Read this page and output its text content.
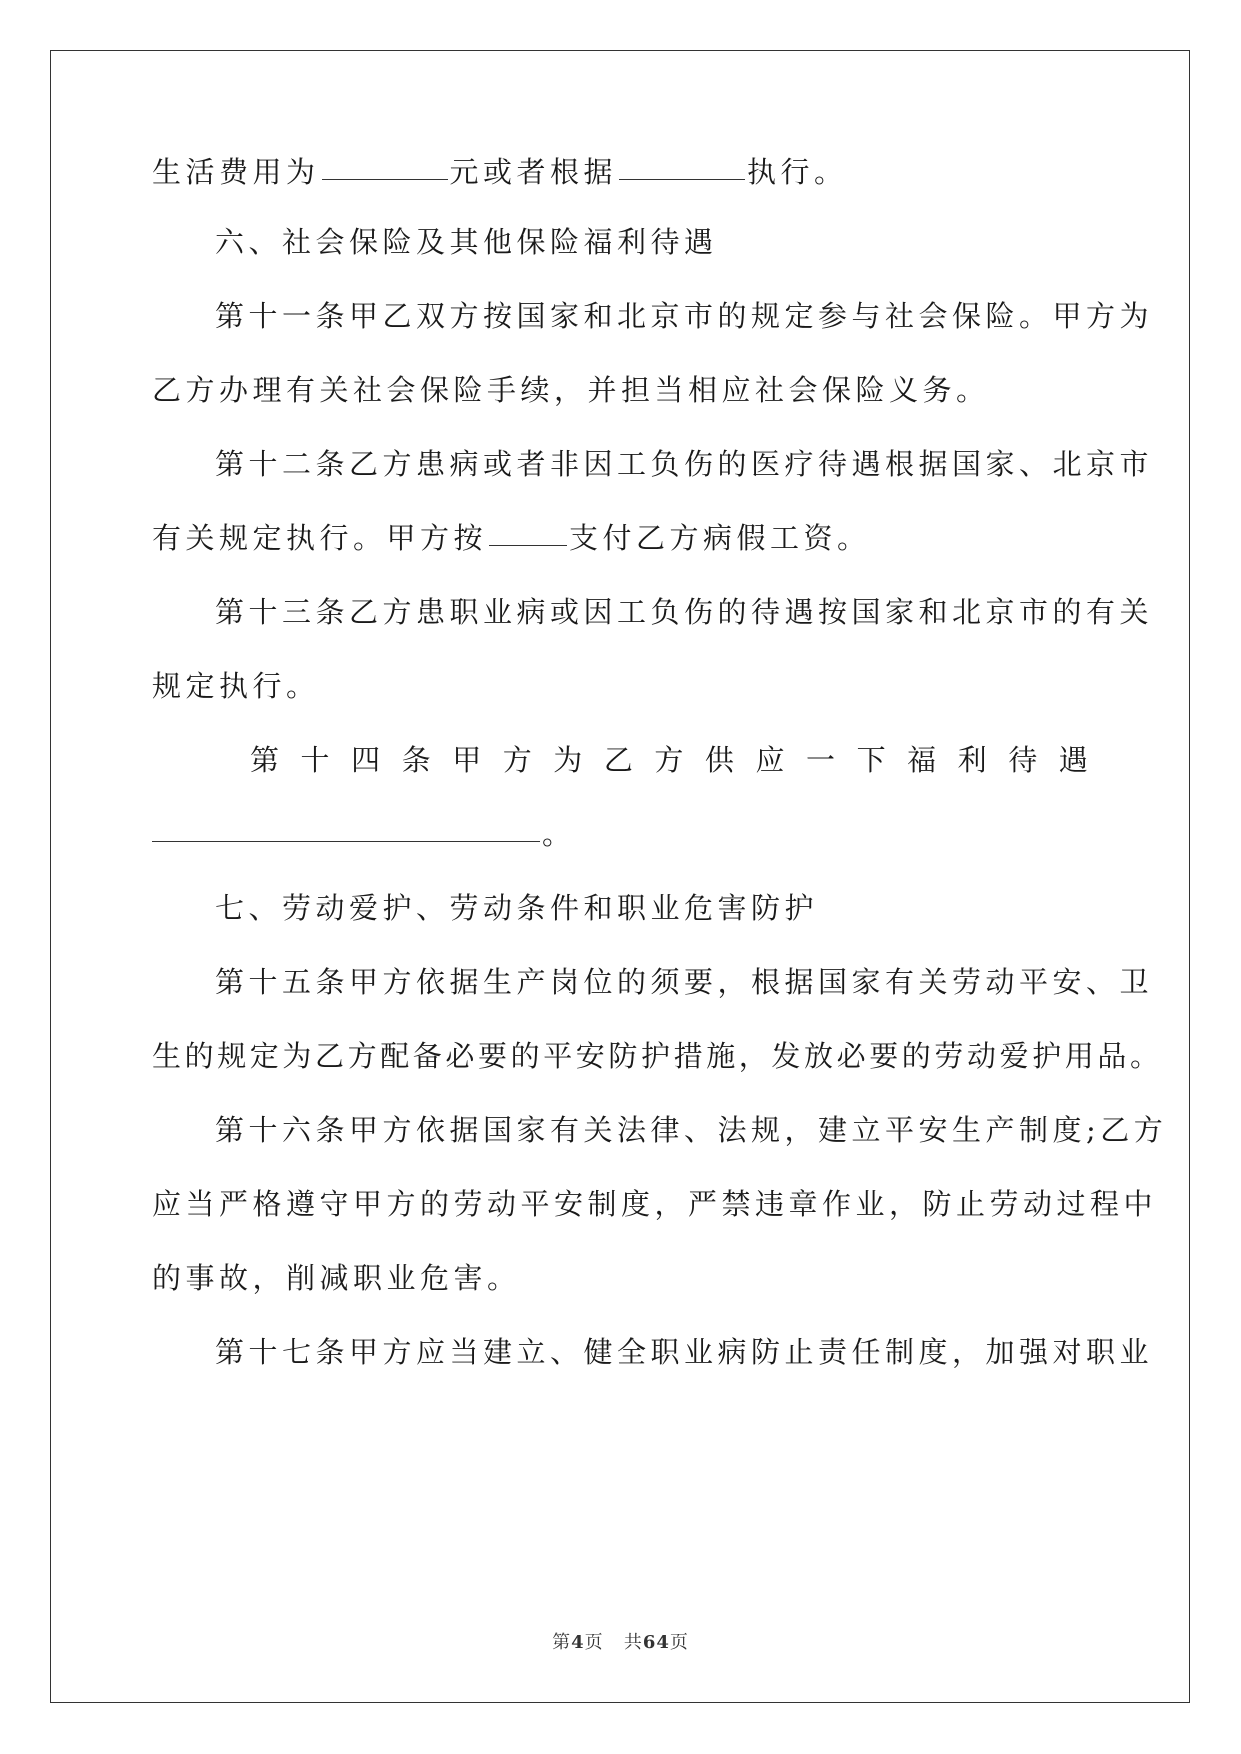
生活费用为	元或者根据	执行。
六、社会保险及其他保险福利待遇
第十一条甲乙双方按国家和北京市的规定参与社会保险。甲方为
乙方办理有关社会保险手续，并担当相应社会保险义务。
第十二条乙方患病或者非因工负伤的医疗待遇根据国家、北京市
有关规定执行。甲方按	支付乙方病假工资。
第十三条乙方患职业病或因工负伤的待遇按国家和北京市的有关
规定执行。
第 十 四 条 甲 方 为 乙 方 供 应 一 下 福 利 待 遇
。
七、劳动爱护、劳动条件和职业危害防护
第十五条甲方依据生产岗位的须要，根据国家有关劳动平安、卫
生的规定为乙方配备必要的平安防护措施，发放必要的劳动爱护用品。
第十六条甲方依据国家有关法律、法规，建立平安生产制度;乙方
应当严格遵守甲方的劳动平安制度，严禁违章作业，防止劳动过程中
的事故，削减职业危害。
第十七条甲方应当建立、健全职业病防止责任制度，加强对职业
第4页 共64页
